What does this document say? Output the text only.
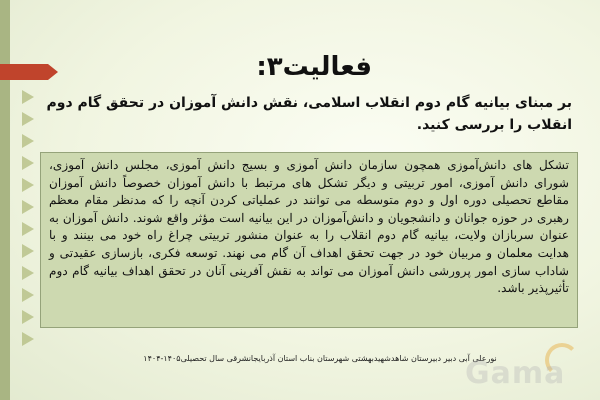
فعالیت۳:
بر مبنای بیانیه گام دوم انقلاب اسلامی، نقش دانش آموزان در تحقق گام دوم انقلاب را بررسی کنید.
تشکل های دانش‌آموزی همچون سازمان دانش آموزی و بسیج دانش آموزی، مجلس دانش آموزی، شورای دانش آموزی، امور تربیتی و دیگر تشکل های مرتبط با دانش آموزان خصوصاً دانش آموزان مقاطع تحصیلی دوره اول و دوم متوسطه می توانند در عملیاتی کردن آنچه را که مدنظر مقام معظم رهبری در حوزه جوانان و دانشجویان و دانش‌آموزان در این بیانیه است مؤثر واقع شوند. دانش آموزان به عنوان سربازان ولایت، بیانیه گام دوم انقلاب را به عنوان منشور تربیتی چراغ راه خود می بینند و با هدایت معلمان و مربیان خود در جهت تحقق اهداف آن گام می نهند. توسعه فکری، بازسازی عقیدتی و شاداب سازی امور پرورشی دانش آموزان می تواند به نقش آفرینی آنان در تحقق اهداف بیانیه گام دوم تأثیرپذیر باشد.
نورعلی آبی دبیر دبیرستان شاهدشهیدبهشتی شهرستان بناب استان آذربایجانشرقی سال تحصیلی۱۴۰۵-۱۴۰۴
Gama
